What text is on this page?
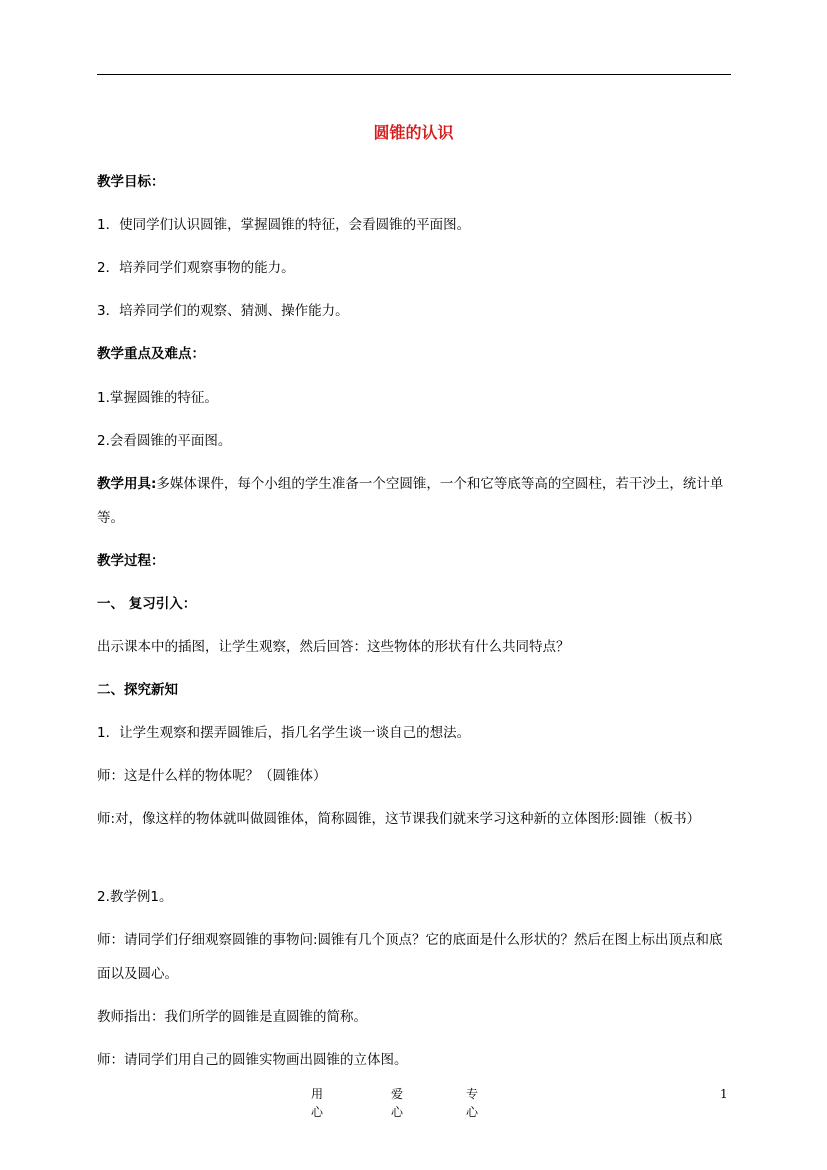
圆锥的认识
教学目标：
1．使同学们认识圆锥，掌握圆锥的特征，会看圆锥的平面图。
2．培养同学们观察事物的能力。
3．培养同学们的观察、猜测、操作能力。
教学重点及难点：
1.掌握圆锥的特征。
2.会看圆锥的平面图。
教学用具:多媒体课件，每个小组的学生准备一个空圆锥，一个和它等底等高的空圆柱，若干沙土，统计单等。
教学过程：
一、 复习引入：
出示课本中的插图，让学生观察，然后回答：这些物体的形状有什么共同特点？
二、探究新知
1．让学生观察和摆弄圆锥后，指几名学生谈一谈自己的想法。
师：这是什么样的物体呢？（圆锥体）
师:对，像这样的物体就叫做圆锥体，简称圆锥，这节课我们就来学习这种新的立体图形:圆锥（板书）
2.教学例1。
师：请同学们仔细观察圆锥的事物问:圆锥有几个顶点？它的底面是什么形状的？然后在图上标出顶点和底面以及圆心。
教师指出：我们所学的圆锥是直圆锥的简称。
师：请同学们用自己的圆锥实物画出圆锥的立体图。
用心
爱心
专心
1
